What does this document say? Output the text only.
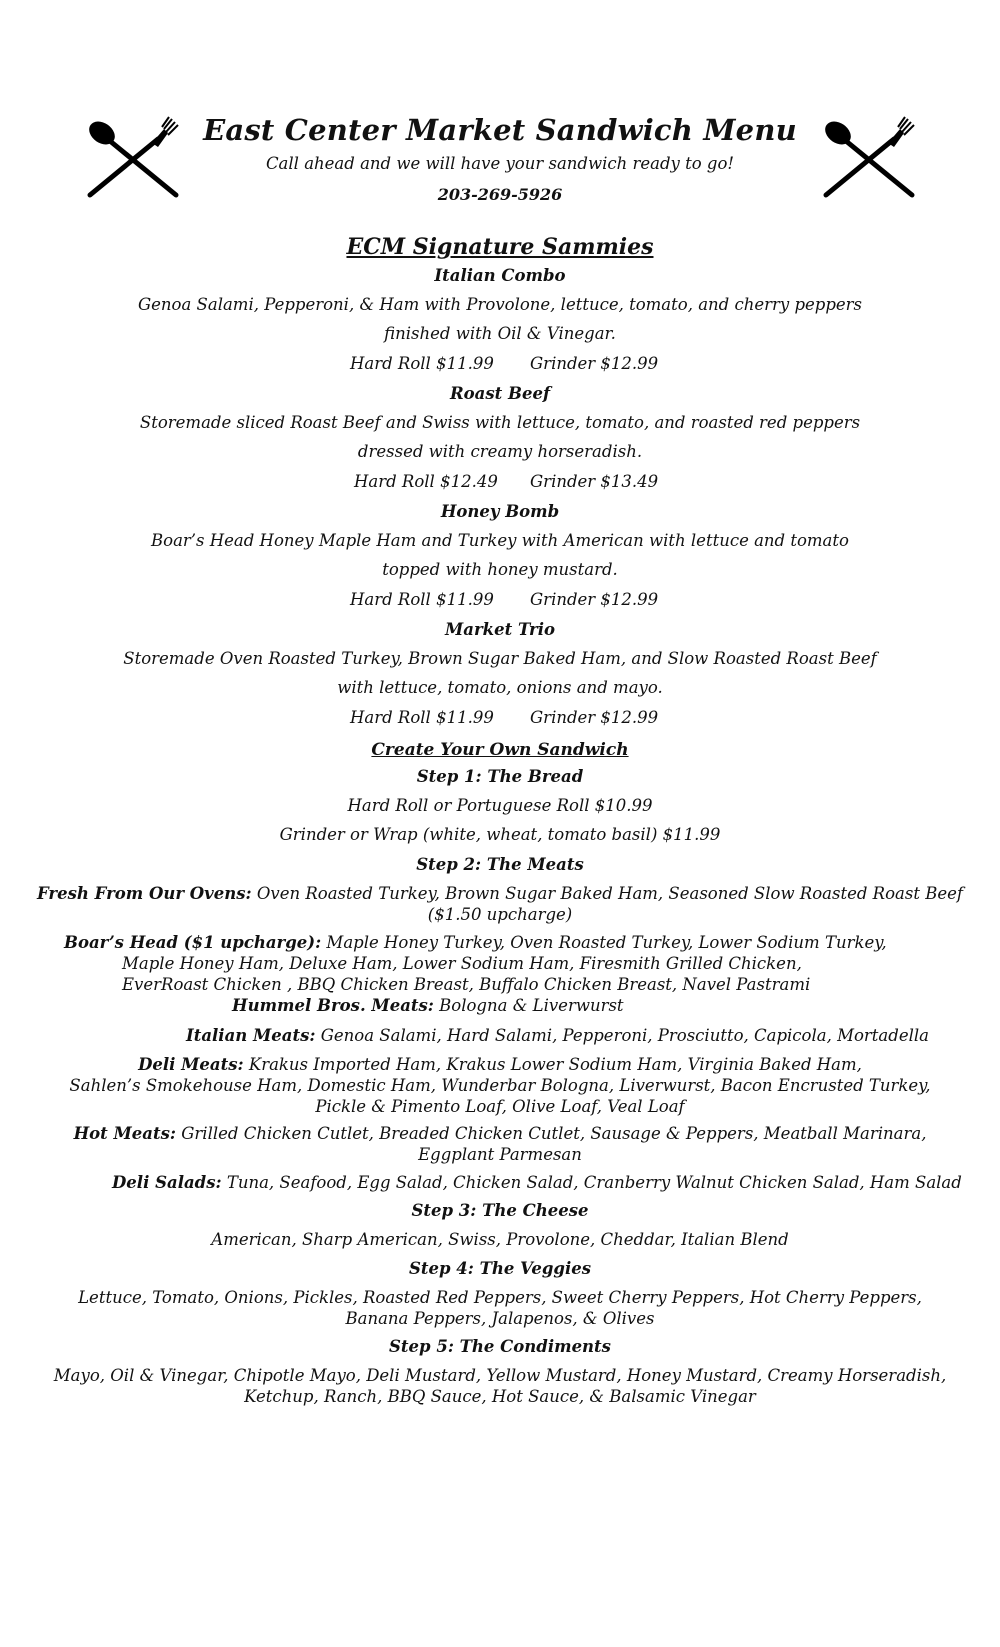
East Center Market Sandwich Menu
Call ahead and we will have your sandwich ready to go!
203-269-5926
ECM Signature Sammies
Italian Combo
Genoa Salami, Pepperoni, & Ham with Provolone, lettuce, tomato, and cherry peppers
finished with Oil & Vinegar.
Hard Roll $11.99 Grinder $12.99
Roast Beef
Storemade sliced Roast Beef and Swiss with lettuce, tomato, and roasted red peppers
dressed with creamy horseradish.
Hard Roll $12.49 Grinder $13.49
Honey Bomb
Boar’s Head Honey Maple Ham and Turkey with American with lettuce and tomato
topped with honey mustard.
Hard Roll $11.99 Grinder $12.99
Market Trio
Storemade Oven Roasted Turkey, Brown Sugar Baked Ham, and Slow Roasted Roast Beef
with lettuce, tomato, onions and mayo.
Hard Roll $11.99 Grinder $12.99
Create Your Own Sandwich
Step 1: The Bread
Hard Roll or Portuguese Roll $10.99
Grinder or Wrap (white, wheat, tomato basil) $11.99
Step 2: The Meats
Fresh From Our Ovens: Oven Roasted Turkey, Brown Sugar Baked Ham, Seasoned Slow Roasted Roast Beef
($1.50 upcharge)
Boar’s Head ($1 upcharge): Maple Honey Turkey, Oven Roasted Turkey, Lower Sodium Turkey,
Maple Honey Ham, Deluxe Ham, Lower Sodium Ham, Firesmith Grilled Chicken,
EverRoast Chicken , BBQ Chicken Breast, Buffalo Chicken Breast, Navel Pastrami
Hummel Bros. Meats: Bologna & Liverwurst
Italian Meats: Genoa Salami, Hard Salami, Pepperoni, Prosciutto, Capicola, Mortadella
Deli Meats: Krakus Imported Ham, Krakus Lower Sodium Ham, Virginia Baked Ham,
Sahlen’s Smokehouse Ham, Domestic Ham, Wunderbar Bologna, Liverwurst, Bacon Encrusted Turkey,
Pickle & Pimento Loaf, Olive Loaf, Veal Loaf
Hot Meats: Grilled Chicken Cutlet, Breaded Chicken Cutlet, Sausage & Peppers, Meatball Marinara,
Eggplant Parmesan
Deli Salads: Tuna, Seafood, Egg Salad, Chicken Salad, Cranberry Walnut Chicken Salad, Ham Salad
Step 3: The Cheese
American, Sharp American, Swiss, Provolone, Cheddar, Italian Blend
Step 4: The Veggies
Lettuce, Tomato, Onions, Pickles, Roasted Red Peppers, Sweet Cherry Peppers, Hot Cherry Peppers,
Banana Peppers, Jalapenos, & Olives
Step 5: The Condiments
Mayo, Oil & Vinegar, Chipotle Mayo, Deli Mustard, Yellow Mustard, Honey Mustard, Creamy Horseradish,
Ketchup, Ranch, BBQ Sauce, Hot Sauce, & Balsamic Vinegar
